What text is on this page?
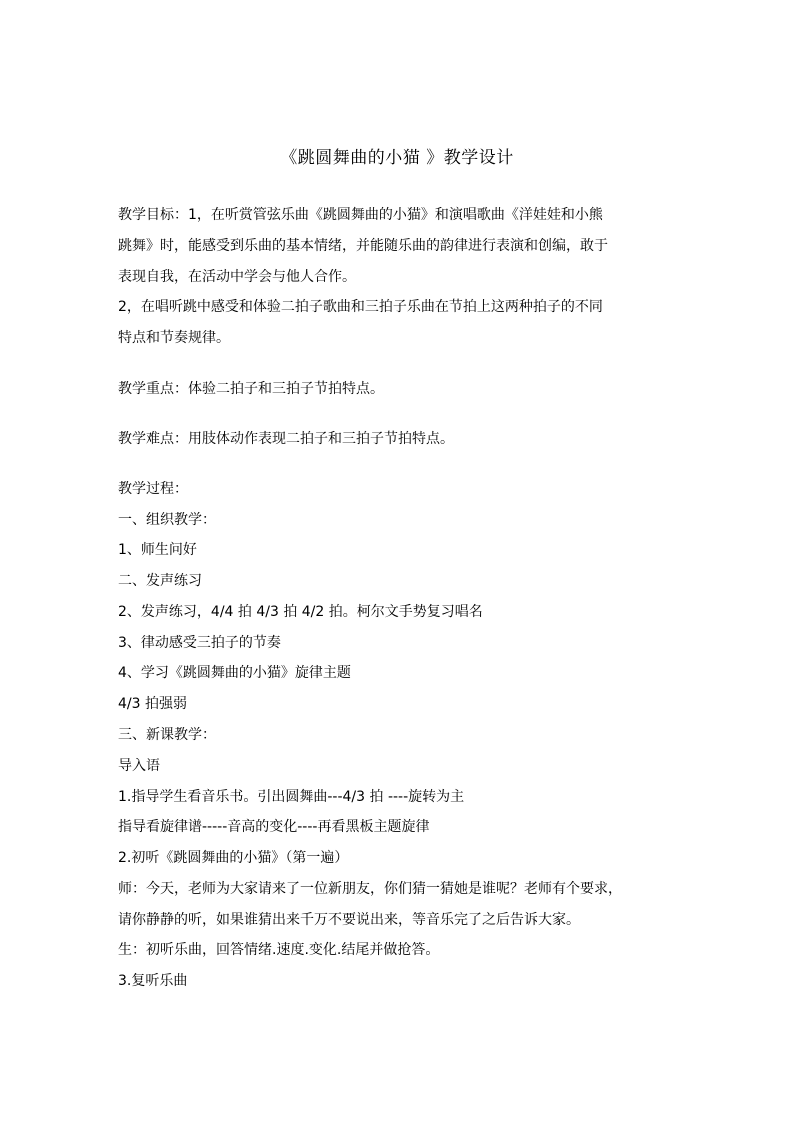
《跳圆舞曲的小猫 》教学设计
教学目标：1，在听赏管弦乐曲《跳圆舞曲的小猫》和演唱歌曲《洋娃娃和小熊
跳舞》时，能感受到乐曲的基本情绪，并能随乐曲的韵律进行表演和创编，敢于
表现自我，在活动中学会与他人合作。
2，在唱听跳中感受和体验二拍子歌曲和三拍子乐曲在节拍上这两种拍子的不同
特点和节奏规律。
教学重点：体验二拍子和三拍子节拍特点。
教学难点：用肢体动作表现二拍子和三拍子节拍特点。
教学过程：
一、组织教学：
1、师生问好
二、发声练习
2、发声练习，4/4 拍 4/3 拍 4/2 拍。柯尔文手势复习唱名
3、律动感受三拍子的节奏
4、学习《跳圆舞曲的小猫》旋律主题
4/3 拍强弱
三、新课教学：
导入语
1.指导学生看音乐书。引出圆舞曲---4/3 拍 ----旋转为主
指导看旋律谱-----音高的变化----再看黑板主题旋律
2.初听《跳圆舞曲的小猫》（第一遍）
师：今天，老师为大家请来了一位新朋友，你们猜一猜她是谁呢？老师有个要求，
请你静静的听，如果谁猜出来千万不要说出来，等音乐完了之后告诉大家。
生：初听乐曲，回答情绪.速度.变化.结尾并做抢答。
3.复听乐曲
